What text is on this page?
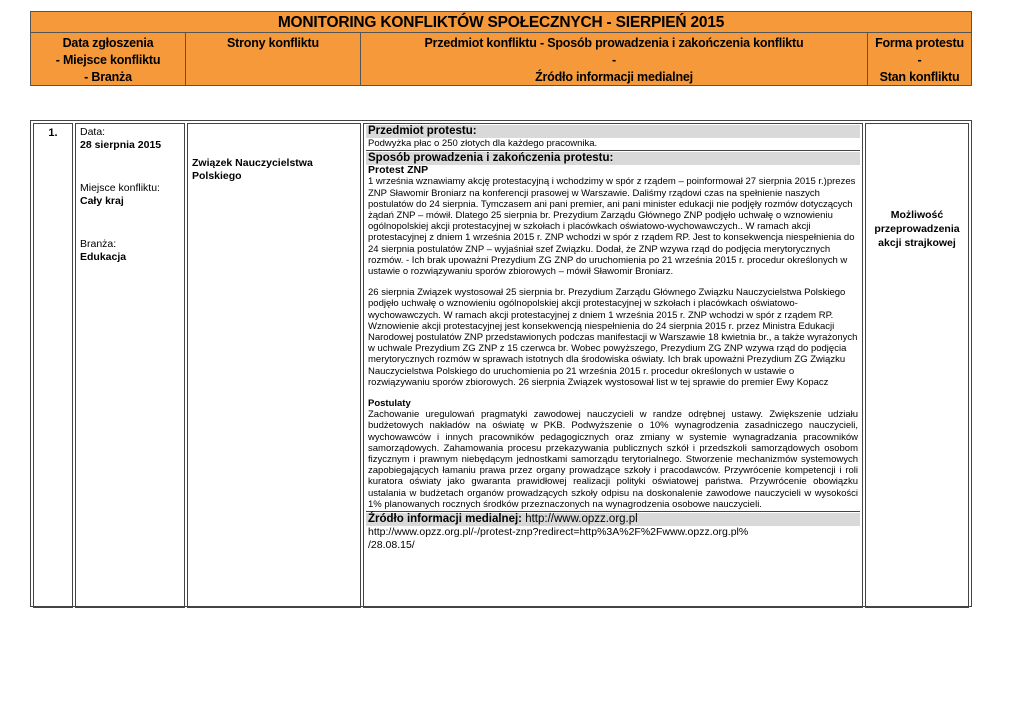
MONITORING KONFLIKTÓW SPOŁECZNYCH - SIERPIEŃ 2015
Data zgłoszenia
- Miejsce konfliktu
- Branża
Strony konfliktu	Przedmiot konfliktu - Sposób prowadzenia i zakończenia konfliktu
-
Źródło informacji medialnej
Forma protestu
-
Stan konfliktu
1.	Data:
28 sierpnia 2015
Miejsce konfliktu:
Cały kraj
Branża:
Edukacja
Związek Nauczycielstwa Polskiego
Przedmiot protestu:
Podwyżka płac o 250 złotych dla każdego pracownika.
Sposób prowadzenia i zakończenia protestu:
Protest ZNP
1 września wznawiamy akcję protestacyjną i wchodzimy w spór z rządem – poinformował 27 sierpnia 2015 r.)prezes ZNP Sławomir Broniarz na konferencji prasowej w Warszawie. Daliśmy rządowi czas na spełnienie naszych postulatów do 24 sierpnia. Tymczasem ani pani premier, ani pani minister edukacji nie podjęły rozmów dotyczących żądań ZNP – mówił. Dlatego 25 sierpnia br. Prezydium Zarządu Głównego ZNP podjęło uchwałę o wznowieniu ogólnopolskiej akcji protestacyjnej w szkołach i placówkach oświatowo-wychowawczych.. W ramach akcji protestacyjnej z dniem 1 września 2015 r. ZNP wchodzi w spór z rządem RP. Jest to konsekwencja niespełnienia do 24 sierpnia postulatów ZNP – wyjaśniał szef Związku. Dodał, że ZNP wzywa rząd do podjęcia merytorycznych rozmów. - Ich brak upoważni Prezydium ZG ZNP do uruchomienia po 21 września 2015 r. procedur określonych w ustawie o rozwiązywaniu sporów zbiorowych – mówił Sławomir Broniarz.
26 sierpnia Związek wystosował 25 sierpnia br. Prezydium Zarządu Głównego Związku Nauczycielstwa Polskiego podjęło uchwałę o wznowieniu ogólnopolskiej akcji protestacyjnej w szkołach i placówkach oświatowo-wychowawczych. W ramach akcji protestacyjnej z dniem 1 września 2015 r. ZNP wchodzi w spór z rządem RP. Wznowienie akcji protestacyjnej jest konsekwencją niespełnienia do 24 sierpnia 2015 r. przez Ministra Edukacji Narodowej postulatów ZNP przedstawionych podczas manifestacji w Warszawie 18 kwietnia br., a także wyrażonych w uchwale Prezydium ZG ZNP z 15 czerwca br. Wobec powyższego, Prezydium ZG ZNP wzywa rząd do podjęcia merytorycznych rozmów w sprawach istotnych dla środowiska oświaty. Ich brak upoważni Prezydium ZG Związku Nauczycielstwa Polskiego do uruchomienia po 21 września 2015 r. procedur określonych w ustawie o rozwiązywaniu sporów zbiorowych. 26 sierpnia Związek wystosował list w tej sprawie do premier Ewy Kopacz
Postulaty
Zachowanie uregulowań pragmatyki zawodowej nauczycieli w randze odrębnej ustawy. Zwiększenie udziału budżetowych nakładów na oświatę w PKB. Podwyższenie o 10% wynagrodzenia zasadniczego nauczycieli, wychowawców i innych pracowników pedagogicznych oraz zmiany w systemie wynagradzania pracowników samorządowych. Zahamowania procesu przekazywania publicznych szkół i przedszkoli samorządowych osobom fizycznym i prawnym niebędącym jednostkami samorządu terytorialnego. Stworzenie mechanizmów systemowych zapobiegających łamaniu prawa przez organy prowadzące szkoły i pracodawców. Przywrócenie kompetencji i roli kuratora oświaty jako gwaranta prawidłowej realizacji polityki oświatowej państwa. Przywrócenie obowiązku ustalania w budżetach organów prowadzących szkoły odpisu na doskonalenie zawodowe nauczycieli w wysokości 1% planowanych rocznych środków przeznaczonych na wynagrodzenia osobowe nauczycieli.
Źródło informacji medialnej: http://www.opzz.org.pl
http://www.opzz.org.pl/-/protest-znp?redirect=http%3A%2F%2Fwww.opzz.org.pl%
/28.08.15/
Możliwość przeprowadzenia akcji strajkowej
